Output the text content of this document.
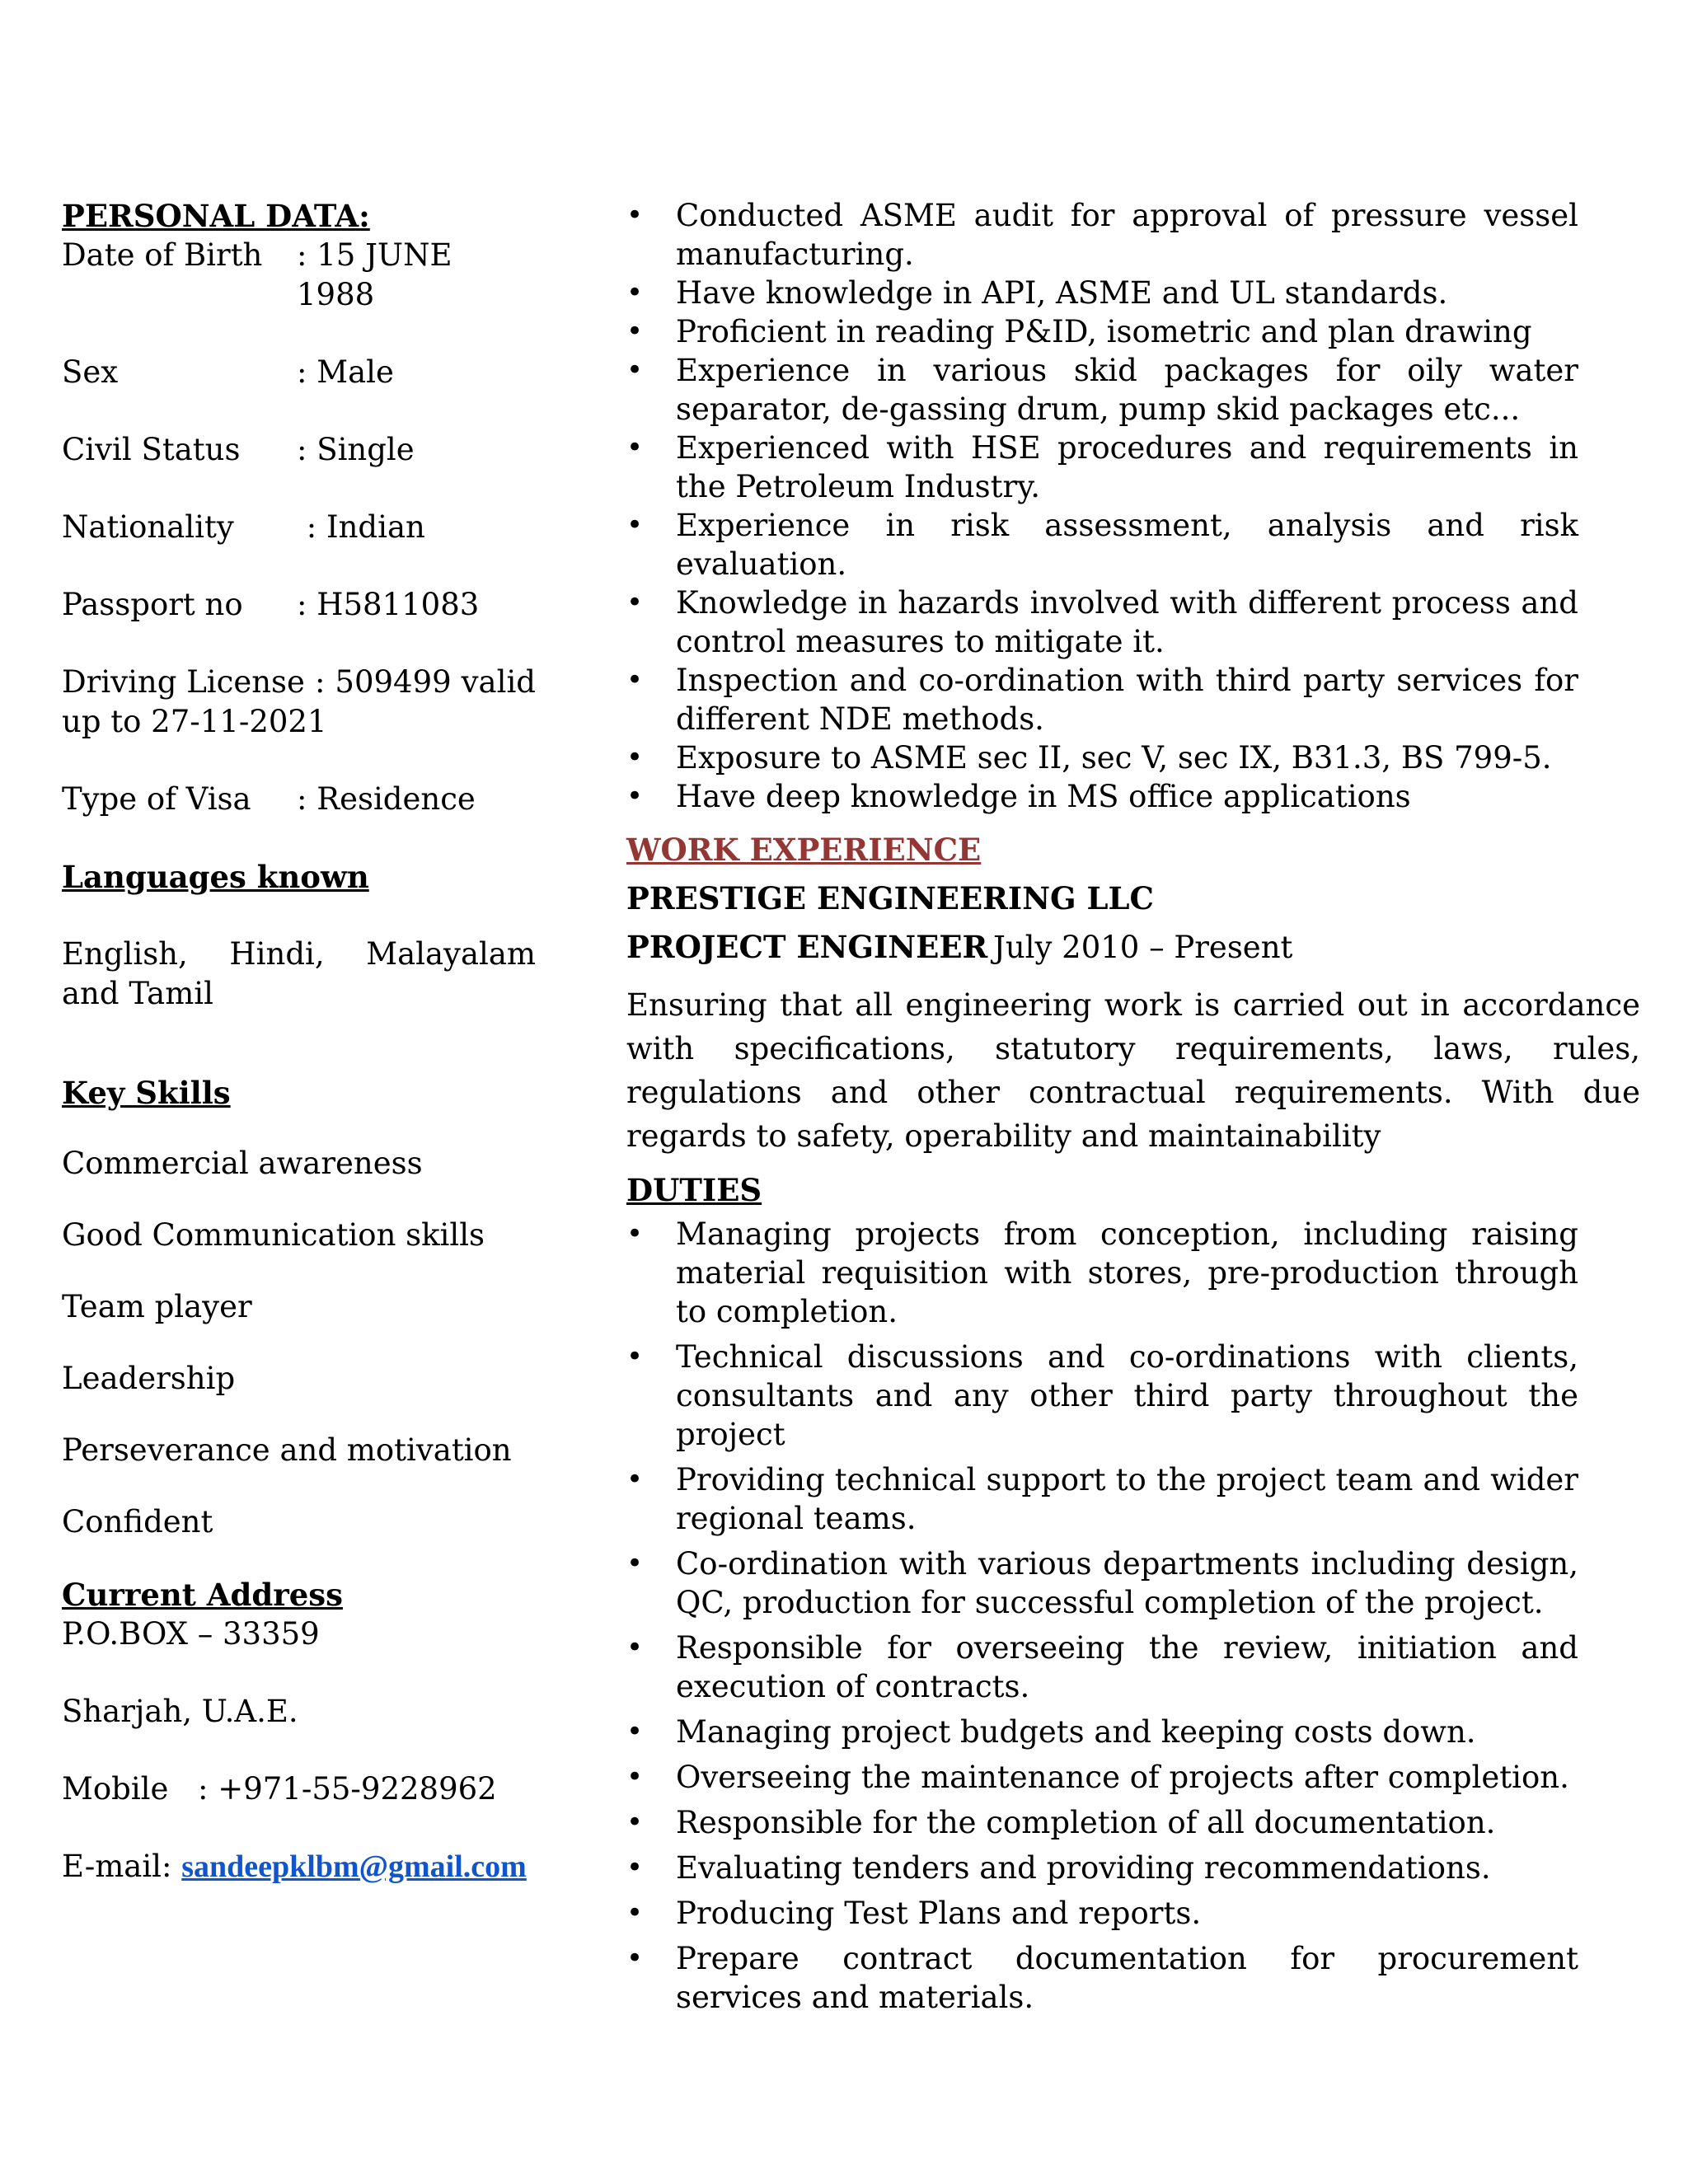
PERSONAL DATA:

Date of Birth	: 15 JUNE 1988
Sex	: Male
Civil Status	: Single
Nationality	: Indian
Passport no	: H5811083
Driving License : 509499 valid
up to 27-11-2021
Type of Visa	: Residence

Languages known

English, Hindi, Malayalam and Tamil

Key Skills

Commercial awareness

Good Communication skills

Team player

Leadership

Perseverance and motivation

Confident

Current Address

P.O.BOX – 33359

Sharjah, U.A.E.

Mobile : +971-55-9228962

E-mail: sandeepklbm@gmail.com

• Conducted ASME audit for approval of pressure vessel manufacturing.
• Have knowledge in API, ASME and UL standards.
• Proficient in reading P&ID, isometric and plan drawing
• Experience in various skid packages for oily water separator, de-gassing drum, pump skid packages etc...
• Experienced with HSE procedures and requirements in the Petroleum Industry.
• Experience in risk assessment, analysis and risk evaluation.
• Knowledge in hazards involved with different process and control measures to mitigate it.
• Inspection and co-ordination with third party services for different NDE methods.
• Exposure to ASME sec II, sec V, sec IX, B31.3, BS 799-5.
• Have deep knowledge in MS office applications

WORK EXPERIENCE

PRESTIGE ENGINEERING LLC

PROJECT ENGINEER July 2010 – Present

Ensuring that all engineering work is carried out in accordance with specifications, statutory requirements, laws, rules, regulations and other contractual requirements. With due regards to safety, operability and maintainability

DUTIES

• Managing projects from conception, including raising material requisition with stores, pre-production through to completion.
• Technical discussions and co-ordinations with clients, consultants and any other third party throughout the project
• Providing technical support to the project team and wider regional teams.
• Co-ordination with various departments including design, QC, production for successful completion of the project.
• Responsible for overseeing the review, initiation and execution of contracts.
• Managing project budgets and keeping costs down.
• Overseeing the maintenance of projects after completion.
• Responsible for the completion of all documentation.
• Evaluating tenders and providing recommendations.
• Producing Test Plans and reports.
• Prepare contract documentation for procurement services and materials.
